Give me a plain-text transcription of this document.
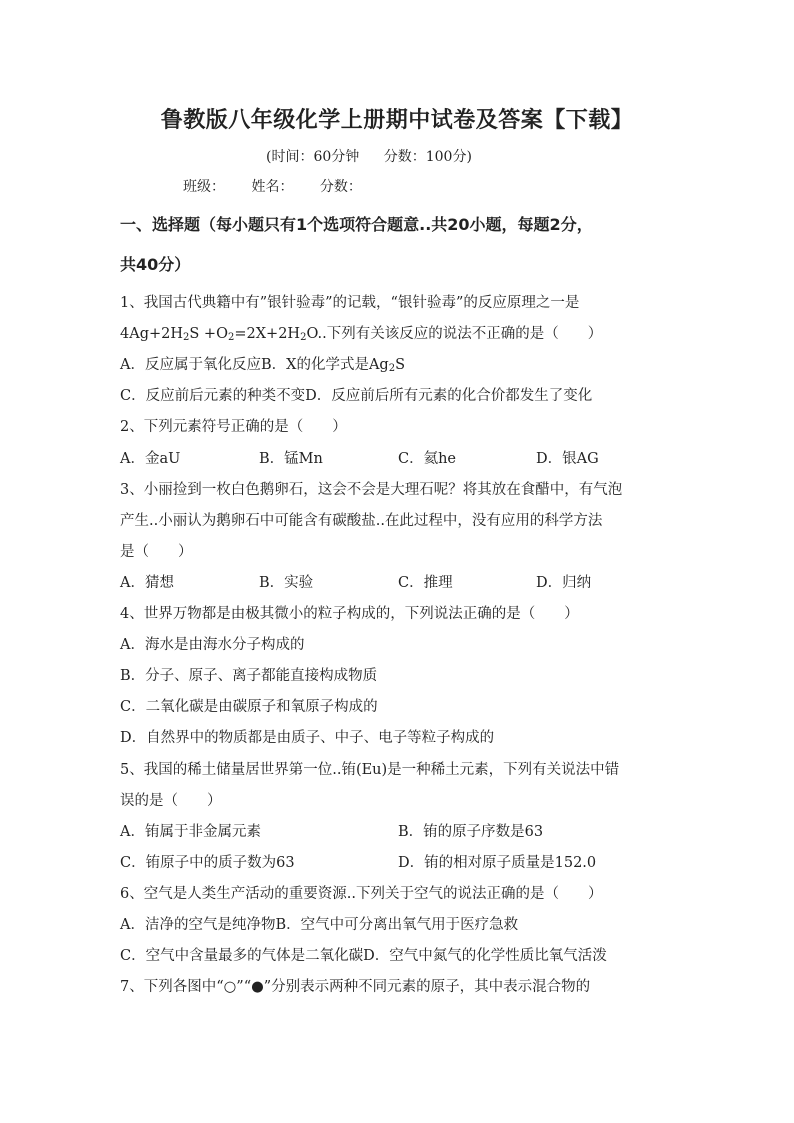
鲁教版八年级化学上册期中试卷及答案【下载】
(时间：60分钟 分数：100分)
班级： 姓名： 分数：
一、选择题（每小题只有1个选项符合题意..共20小题，每题2分，
共40分）
1、我国古代典籍中有”银针验毒”的记载，“银针验毒”的反应原理之一是
$4Ag+2H_2S +O_2=2X+2H_2O$..下列有关该反应的说法不正确的是（　　）
A．反应属于氧化反应B．X的化学式是$Ag_2S$
C．反应前后元素的种类不变D．反应前后所有元素的化合价都发生了变化
2、下列元素符号正确的是（　　）
A．金aU	B．锰Mn	C．氦he	D．银AG
3、小丽捡到一枚白色鹅卵石，这会不会是大理石呢？将其放在食醋中，有气泡
产生..小丽认为鹅卵石中可能含有碳酸盐..在此过程中，没有应用的科学方法
是（　　）
A．猜想	B．实验	C．推理	D．归纳
4、世界万物都是由极其微小的粒子构成的，下列说法正确的是（　　）
A．海水是由海水分子构成的
B．分子、原子、离子都能直接构成物质
C．二氧化碳是由碳原子和氧原子构成的
D．自然界中的物质都是由质子、中子、电子等粒子构成的
5、我国的稀土储量居世界第一位..铕(Eu)是一种稀土元素，下列有关说法中错
误的是（　　）
A．铕属于非金属元素	B．铕的原子序数是63
C．铕原子中的质子数为63	D．铕的相对原子质量是152.0
6、空气是人类生产活动的重要资源..下列关于空气的说法正确的是（　　）
A．洁净的空气是纯净物B．空气中可分离出氧气用于医疗急救
C．空气中含量最多的气体是二氧化碳D．空气中氮气的化学性质比氧气活泼
7、下列各图中“○”“●”分别表示两种不同元素的原子，其中表示混合物的
